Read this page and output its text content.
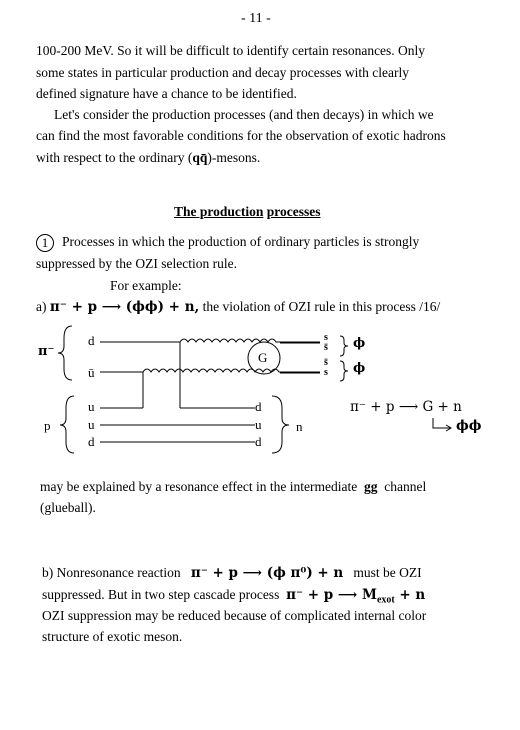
- 11 -
100-200 MeV. So it will be difficult to identify certain resonances. Only
some states in particular production and decay processes with clearly
defined signature have a chance to be identified.
Let's consider the production processes (and then decays) in which we
can find the most favorable conditions for the observation of exotic hadrons
with respect to the ordinary (qq̄)-mesons.
The production processes
1 Processes in which the production of ordinary particles is strongly
suppressed by the OZI selection rule.
For example:
a) π⁻ + p ⟶ (ϕϕ) + n, the violation of OZI rule in this process /16/
π⁻
d
ū
G
s
s̄
s̄
s
ϕ
ϕ
p
u
u
d
d
u
d
n
π⁻ + p ⟶ G + n
ϕϕ
may be explained by a resonance effect in the intermediate gg channel
(glueball).
b) Nonresonance reaction π⁻ + p ⟶ (ϕ π⁰) + n must be OZI
suppressed. But in two step cascade process π⁻ + p ⟶ $M_{exot} + n$
OZI suppression may be reduced because of complicated internal color
structure of exotic meson.
